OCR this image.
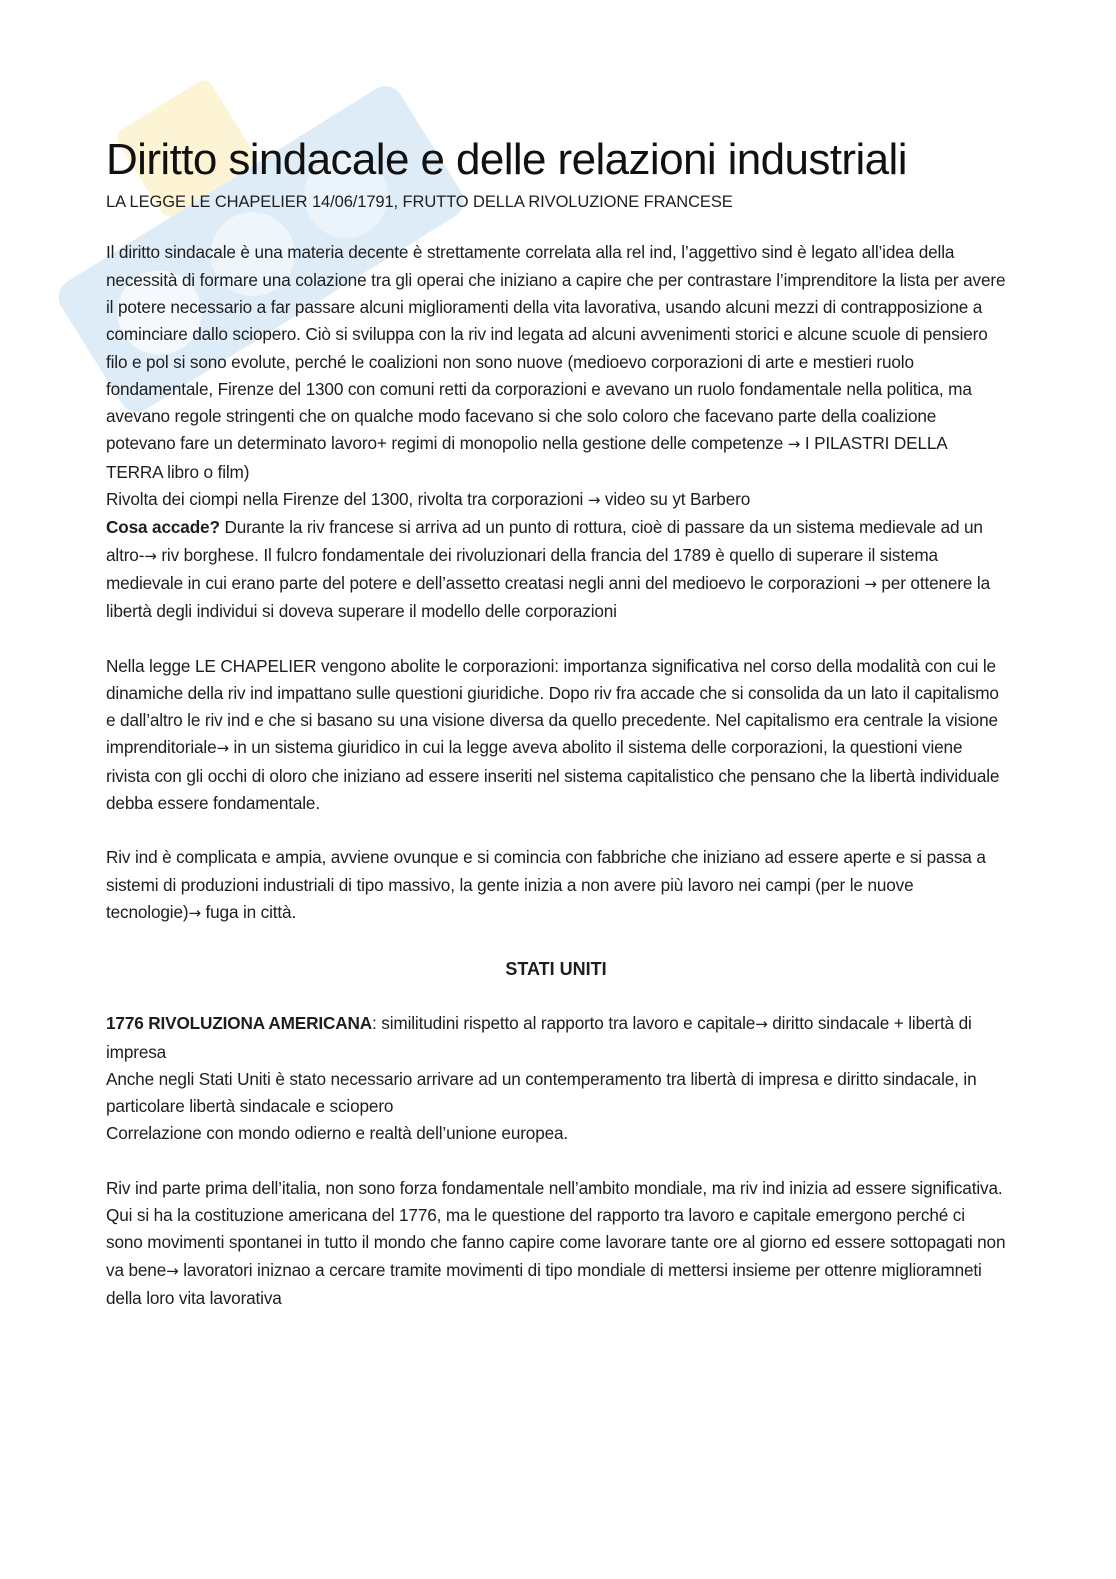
Diritto sindacale e delle relazioni industriali
LA LEGGE LE CHAPELIER 14/06/1791, FRUTTO DELLA RIVOLUZIONE FRANCESE
Il diritto sindacale è una materia decente è strettamente correlata alla rel ind, l’aggettivo sind è legato all’idea della necessità di formare una colazione tra gli operai che iniziano a capire che per contrastare l’imprenditore la lista per avere il potere necessario a far passare alcuni miglioramenti della vita lavorativa, usando alcuni mezzi di contrapposizione a cominciare dallo sciopero. Ciò si sviluppa con la riv ind legata ad alcuni avvenimenti storici e alcune scuole di pensiero filo e pol si sono evolute, perché le coalizioni non sono nuove (medioevo corporazioni di arte e mestieri ruolo fondamentale, Firenze del 1300 con comuni retti da corporazioni e avevano un ruolo fondamentale nella politica, ma avevano regole stringenti che on qualche modo facevano si che solo coloro che facevano parte della coalizione potevano fare un determinato lavoro+ regimi di monopolio nella gestione delle competenze → I PILASTRI DELLA TERRA libro o film)
Rivolta dei ciompi nella Firenze del 1300, rivolta tra corporazioni → video su yt Barbero
Cosa accade? Durante la riv francese si arriva ad un punto di rottura, cioè di passare da un sistema medievale ad un altro-→ riv borghese. Il fulcro fondamentale dei rivoluzionari della francia del 1789 è quello di superare il sistema medievale in cui erano parte del potere e dell’assetto creatasi negli anni del medioevo le corporazioni → per ottenere la libertà degli individui si doveva superare il modello delle corporazioni
Nella legge LE CHAPELIER vengono abolite le corporazioni: importanza significativa nel corso della modalità con cui le dinamiche della riv ind impattano sulle questioni giuridiche. Dopo riv fra accade che si consolida da un lato il capitalismo e dall’altro le riv ind e che si basano su una visione diversa da quello precedente. Nel capitalismo era centrale la visione imprenditoriale→ in un sistema giuridico in cui la legge aveva abolito il sistema delle corporazioni, la questioni viene rivista con gli occhi di oloro che iniziano ad essere inseriti nel sistema capitalistico che pensano che la libertà individuale debba essere fondamentale.
Riv ind è complicata e ampia, avviene ovunque e si comincia con fabbriche che iniziano ad essere aperte e si passa a sistemi di produzioni industriali di tipo massivo, la gente inizia a non avere più lavoro nei campi (per le nuove tecnologie)→ fuga in città.
STATI UNITI
1776 RIVOLUZIONA AMERICANA: similitudini rispetto al rapporto tra lavoro e capitale→ diritto sindacale + libertà di impresa
Anche negli Stati Uniti è stato necessario arrivare ad un contemperamento tra libertà di impresa e diritto sindacale, in particolare libertà sindacale e sciopero
Correlazione con mondo odierno e realtà dell’unione europea.
Riv ind parte prima dell’italia, non sono forza fondamentale nell’ambito mondiale, ma riv ind inizia ad essere significativa. Qui si ha la costituzione americana del 1776, ma le questione del rapporto tra lavoro e capitale emergono perché ci sono movimenti spontanei in tutto il mondo che fanno capire come lavorare tante ore al giorno ed essere sottopagati non va bene→ lavoratori iniznao a cercare tramite movimenti di tipo mondiale di mettersi insieme per ottenre miglioramneti della loro vita lavorativa
